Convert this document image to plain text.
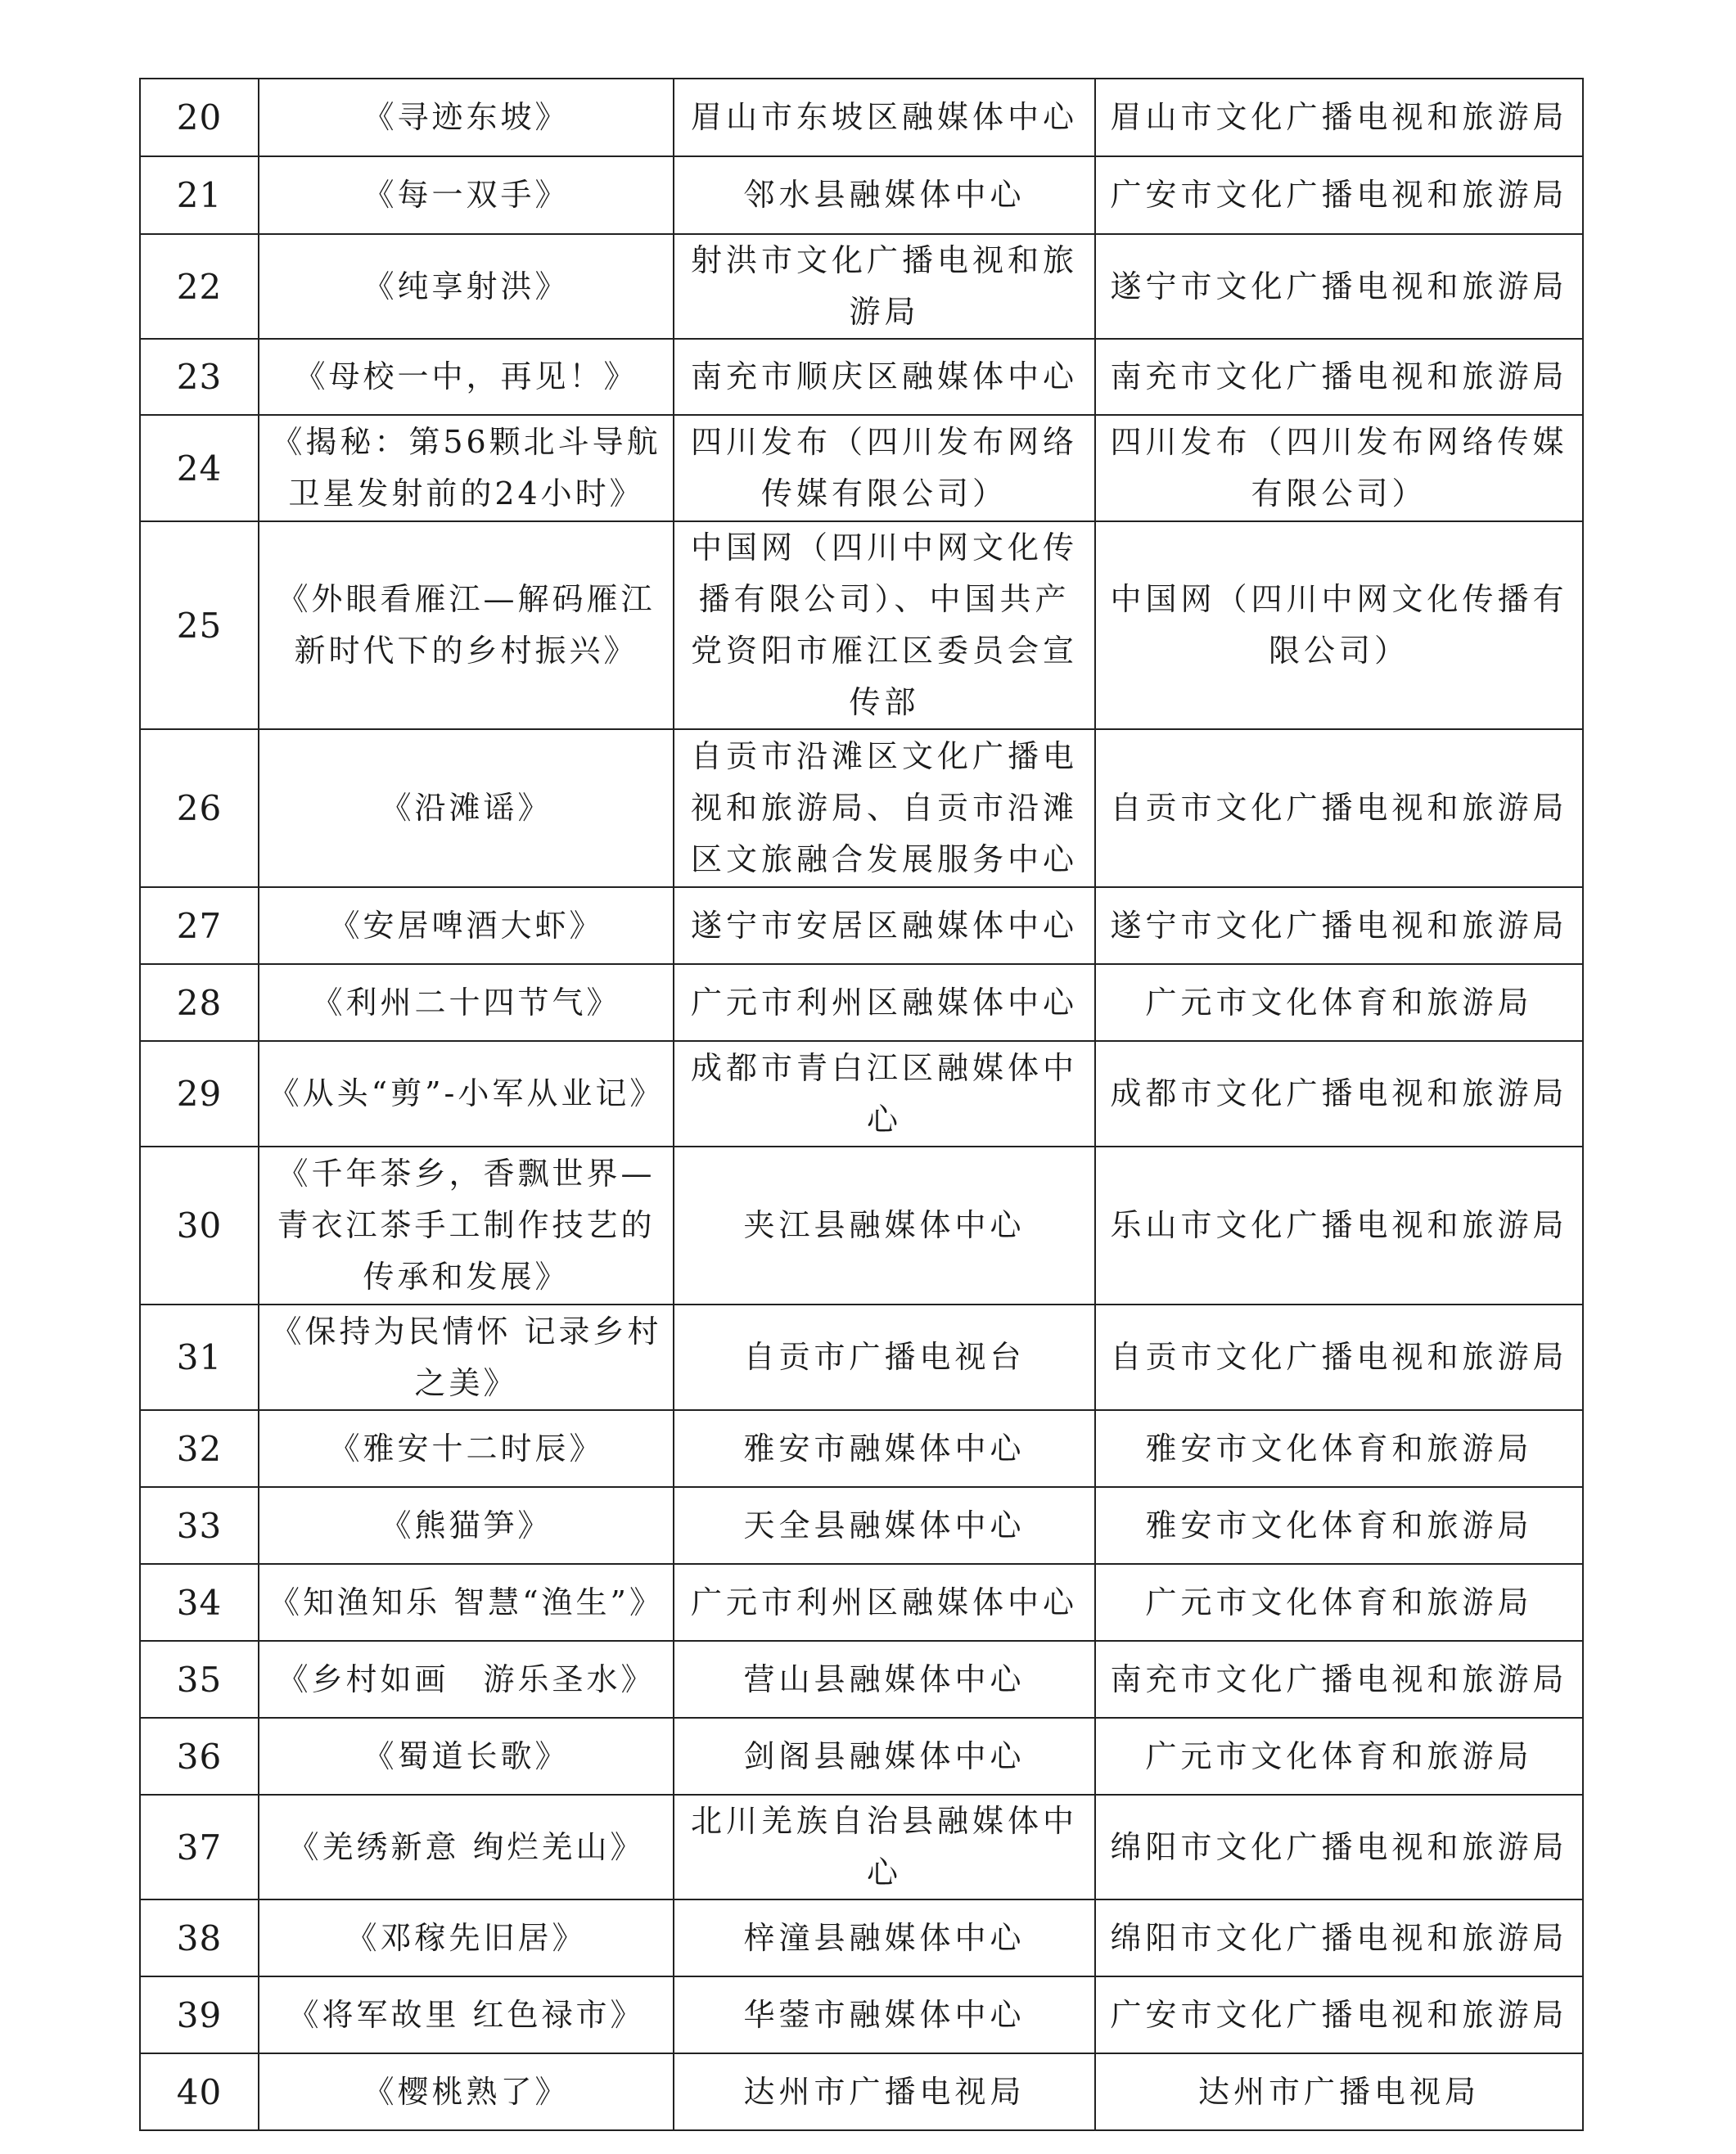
20	《寻迹东坡》	眉山市东坡区融媒体中心	眉山市文化广播电视和旅游局
21	《每一双手》	邻水县融媒体中心	广安市文化广播电视和旅游局
22	《纯享射洪》	射洪市文化广播电视和旅游局	遂宁市文化广播电视和旅游局
23	《母校一中，再见！》	南充市顺庆区融媒体中心	南充市文化广播电视和旅游局
24	《揭秘：第56颗北斗导航卫星发射前的24小时》	四川发布（四川发布网络传媒有限公司）	四川发布（四川发布网络传媒有限公司）
25	《外眼看雁江—解码雁江新时代下的乡村振兴》	中国网（四川中网文化传播有限公司）、中国共产党资阳市雁江区委员会宣传部	中国网（四川中网文化传播有限公司）
26	《沿滩谣》	自贡市沿滩区文化广播电视和旅游局、自贡市沿滩区文旅融合发展服务中心	自贡市文化广播电视和旅游局
27	《安居啤酒大虾》	遂宁市安居区融媒体中心	遂宁市文化广播电视和旅游局
28	《利州二十四节气》	广元市利州区融媒体中心	广元市文化体育和旅游局
29	《从头“剪”-小军从业记》	成都市青白江区融媒体中心	成都市文化广播电视和旅游局
30	《千年茶乡，香飘世界—青衣江茶手工制作技艺的传承和发展》	夹江县融媒体中心	乐山市文化广播电视和旅游局
31	《保持为民情怀 记录乡村之美》	自贡市广播电视台	自贡市文化广播电视和旅游局
32	《雅安十二时辰》	雅安市融媒体中心	雅安市文化体育和旅游局
33	《熊猫笋》	天全县融媒体中心	雅安市文化体育和旅游局
34	《知渔知乐 智慧“渔生”》	广元市利州区融媒体中心	广元市文化体育和旅游局
35	《乡村如画　游乐圣水》	营山县融媒体中心	南充市文化广播电视和旅游局
36	《蜀道长歌》	剑阁县融媒体中心	广元市文化体育和旅游局
37	《羌绣新意 绚烂羌山》	北川羌族自治县融媒体中心	绵阳市文化广播电视和旅游局
38	《邓稼先旧居》	梓潼县融媒体中心	绵阳市文化广播电视和旅游局
39	《将军故里 红色禄市》	华蓥市融媒体中心	广安市文化广播电视和旅游局
40	《樱桃熟了》	达州市广播电视局	达州市广播电视局
